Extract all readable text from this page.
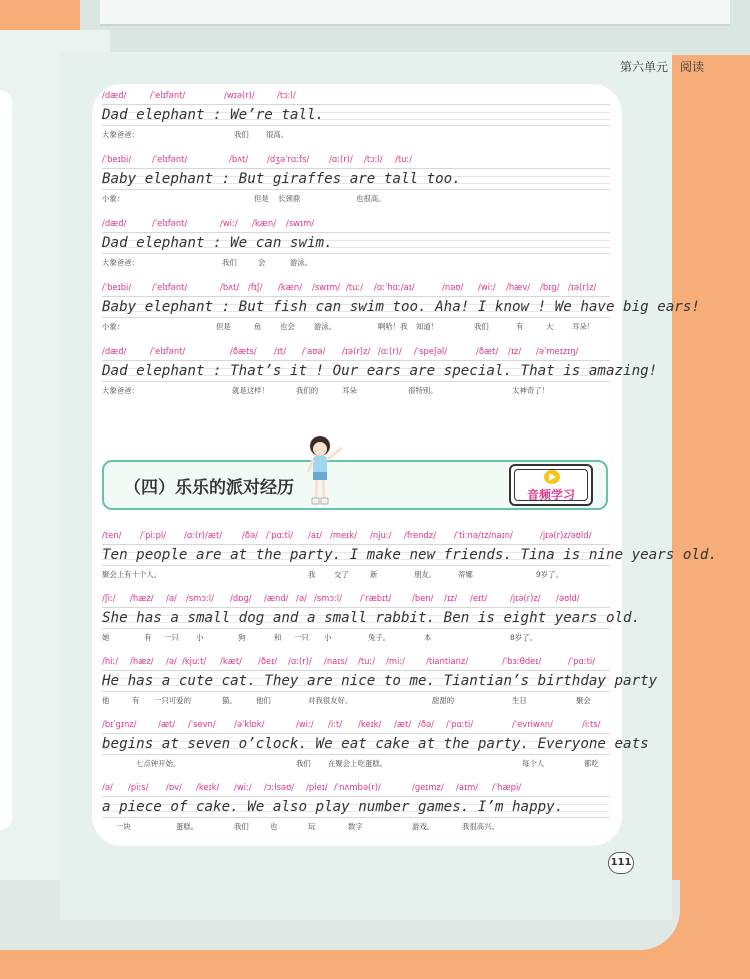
第六单元　阅读
/dæd/	/ˈelɪfənt/	/wɪə(r)/	/tɔːl/
Dad elephant : We’re tall.
大象爸爸：	我们 很高。
/ˈbeɪbi/ /ˈelɪfənt/	/bʌt/ /dʒəˈrɑːfs/ /ɑː(r)/ /tɔːl/ /tuː/
Baby elephant : But giraffes are tall too.
小象：	但是 长颈鹿	也很高。
/dæd/	/ˈelɪfənt/	/wiː/ /kæn/ /swɪm/
Dad elephant : We can swim.
大象爸爸：	我们	会	游泳。
/ˈbeɪbi/ /ˈelɪfənt/	/bʌt/ /fɪʃ/ /kæn/ /swɪm/ /tuː/ /ɑːˈhɑː/aɪ/	/nəʊ/ /wiː/ /hæv/ /bɪɡ/ /ɪə(r)z/
Baby elephant : But fish can swim too. Aha! I know ! We have big ears!
小象：	但是	鱼	也会	游泳。	啊哈！我 知道！	我们	有	大	耳朵！
/dæd/	/ˈelɪfənt/	/ðæts/ /ɪt/ /ˈaʊə/ /ɪə(r)z/ /ɑː(r)/ /ˈspeʃəl/	/ðæt/ /ɪz/ /əˈmeɪzɪŋ/
Dad elephant : That’s it ! Our ears are special. That is amazing!
大象爸爸：	就是这样！	我们的	耳朵	很特别。	太神奇了！
/ten/ /ˈpiːpl/ /ɑː(r)/æt/ /ðə/ /ˈpɑːti/ /aɪ/ /meɪk/ /njuː/ /frendz/ /ˈtiːnə/ɪz/naɪn/	/jɪə(r)z/əʊld/
Ten people are at the party. I make new friends. Tina is nine years old.
聚会上有十个人。	我	交了	新	朋友。	蒂娜	9岁了。
/ʃiː/ /hæz/ /ə/ /smɔːl/ /dɒɡ/ /ænd/ /ə/ /smɔːl/ /ˈræbɪt/ /ben/ /ɪz/ /eɪt/	/jɪə(r)z/ /əʊld/
She has a small dog and a small rabbit. Ben is eight years old.
她	有 一只 小	狗	和 一只 小	兔子。	本	8岁了。
/hiː/ /hæz/ /ə/ /kjuːt/ /kæt/ /ðeɪ/ /ɑː(r)/ /naɪs/ /tuː/ /miː/	/tiantianz/	/ˈbɜːθdeɪ/	/ˈpɑːti/
He has a cute cat. They are nice to me. Tiantian’s birthday party
他	有 一只可爱的	猫。	他们	对我很友好。	甜甜的	生日	聚会
/bɪˈɡɪnz/	/æt/ /ˈsevn/ /əˈklɒk/	/wiː/ /iːt/ /keɪk/ /æt/ /ðə/ /ˈpɑːti/	/ˈevriwʌn/	/iːts/
begins at seven o’clock. We eat cake at the party. Everyone eats
七点钟开始。	我们 在聚会上吃蛋糕。	每个人	都吃
/ə/ /piːs/ /ɒv/ /keɪk/ /wiː/ /ɔːlsəʊ/ /pleɪ/ /ˈnʌmbə(r)/	/ɡeɪmz/ /aɪm/ /ˈhæpi/
a piece of cake. We also play number games. I’m happy.
一块	蛋糕。	我们	也	玩	数字	游戏。	我很高兴。
（四）乐乐的派对经历	音频学习
111
